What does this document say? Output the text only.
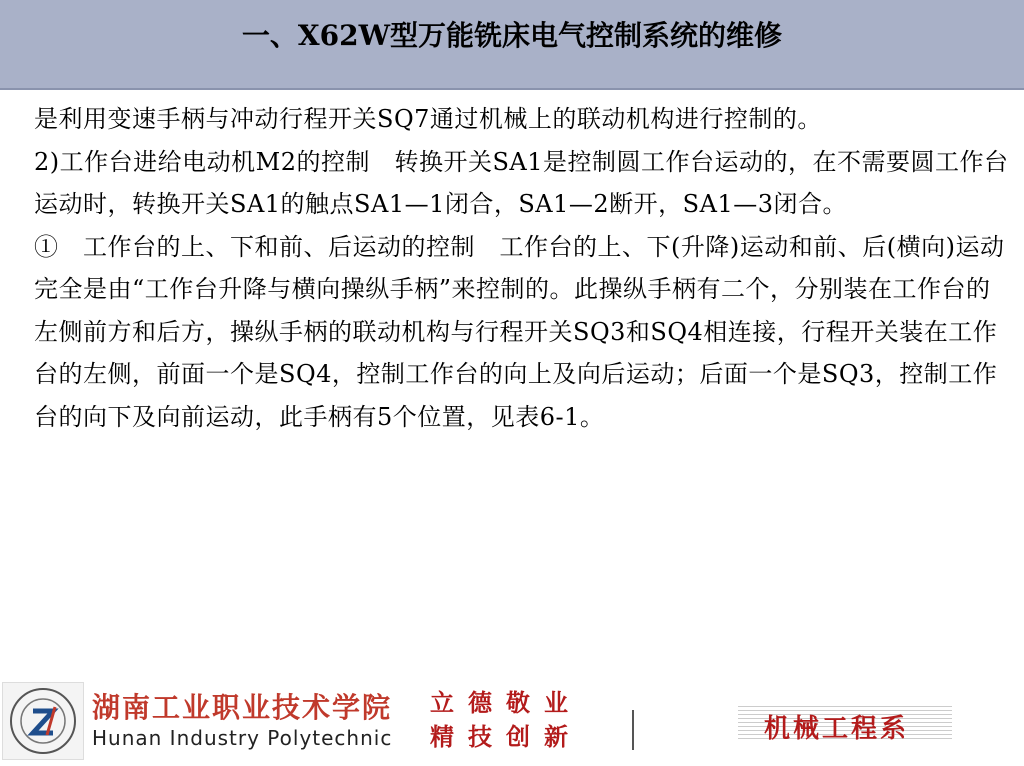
一、X62W型万能铣床电气控制系统的维修

是利用变速手柄与冲动行程开关SQ7通过机械上的联动机构进行控制的。

2)工作台进给电动机M2的控制　转换开关SA1是控制圆工作台运动的，在不需要圆工作台运动时，转换开关SA1的触点SA1—1闭合，SA1—2断开，SA1—3闭合。

①　工作台的上、下和前、后运动的控制　工作台的上、下(升降)运动和前、后(横向)运动完全是由“工作台升降与横向操纵手柄”来控制的。此操纵手柄有二个，分别装在工作台的左侧前方和后方，操纵手柄的联动机构与行程开关SQ3和SQ4相连接，行程开关装在工作台的左侧，前面一个是SQ4，控制工作台的向上及向后运动；后面一个是SQ3，控制工作台的向下及向前运动，此手柄有5个位置，见表6-1。

湖南工业职业技术学院
Hunan Industry Polytechnic
立德敬业
精技创新	机械工程系
